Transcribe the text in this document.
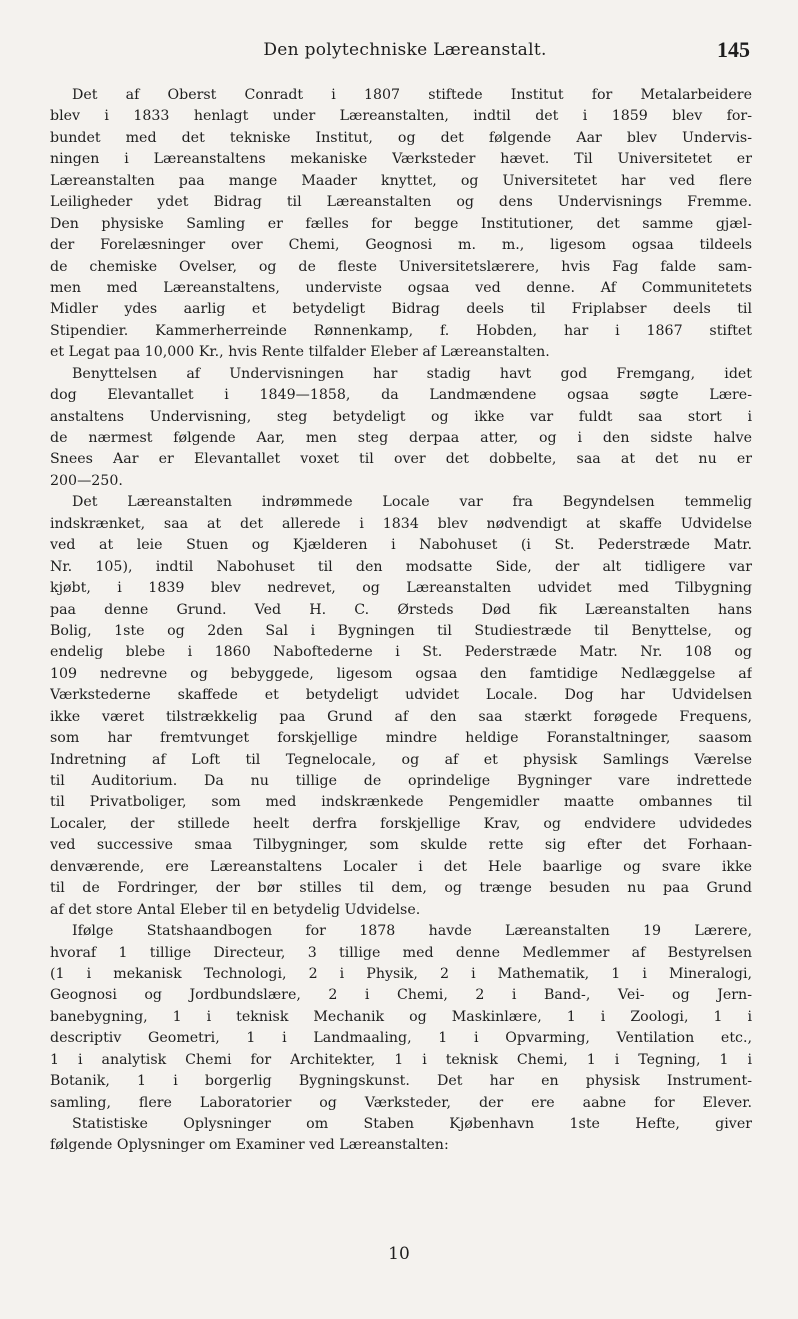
Den polytechniske Læreanstalt.	145
Det af Oberst Conradt i 1807 stiftede Institut for Metalarbeidere
blev i 1833 henlagt under Læreanstalten, indtil det i 1859 blev for-
bundet med det tekniske Institut, og det følgende Aar blev Undervis-
ningen i Læreanstaltens mekaniske Værksteder hævet. Til Universitetet er
Læreanstalten paa mange Maader knyttet, og Universitetet har ved flere
Leiligheder ydet Bidrag til Læreanstalten og dens Undervisnings Fremme.
Den physiske Samling er fælles for begge Institutioner, det samme gjæl-
der Forelæsninger over Chemi, Geognosi m. m., ligesom ogsaa tildeels
de chemiske Ovelser, og de fleste Universitetslærere, hvis Fag falde sam-
men med Læreanstaltens, underviste ogsaa ved denne. Af Communitetets
Midler ydes aarlig et betydeligt Bidrag deels til Friplabser deels til
Stipendier. Kammerherreinde Rønnenkamp, f. Hobden, har i 1867 stiftet
et Legat paa 10,000 Kr., hvis Rente tilfalder Eleber af Læreanstalten.
Benyttelsen af Undervisningen har stadig havt god Fremgang, idet
dog Elevantallet i 1849—1858, da Landmændene ogsaa søgte Lære-
anstaltens Undervisning, steg betydeligt og ikke var fuldt saa stort i
de nærmest følgende Aar, men steg derpaa atter, og i den sidste halve
Snees Aar er Elevantallet voxet til over det dobbelte, saa at det nu er
200—250.
Det Læreanstalten indrømmede Locale var fra Begyndelsen temmelig
indskrænket, saa at det allerede i 1834 blev nødvendigt at skaffe Udvidelse
ved at leie Stuen og Kjælderen i Nabohuset (i St. Pederstræde Matr.
Nr. 105), indtil Nabohuset til den modsatte Side, der alt tidligere var
kjøbt, i 1839 blev nedrevet, og Læreanstalten udvidet med Tilbygning
paa denne Grund. Ved H. C. Ørsteds Død fik Læreanstalten hans
Bolig, 1ste og 2den Sal i Bygningen til Studiestræde til Benyttelse, og
endelig blebe i 1860 Naboftederne i St. Pederstræde Matr. Nr. 108 og
109 nedrevne og bebyggede, ligesom ogsaa den famtidige Nedlæggelse af
Værkstederne skaffede et betydeligt udvidet Locale. Dog har Udvidelsen
ikke været tilstrækkelig paa Grund af den saa stærkt forøgede Frequens,
som har fremtvunget forskjellige mindre heldige Foranstaltninger, saasom
Indretning af Loft til Tegnelocale, og af et physisk Samlings Værelse
til Auditorium. Da nu tillige de oprindelige Bygninger vare indrettede
til Privatboliger, som med indskrænkede Pengemidler maatte ombannes til
Localer, der stillede heelt derfra forskjellige Krav, og endvidere udvidedes
ved successive smaa Tilbygninger, som skulde rette sig efter det Forhaan-
denværende, ere Læreanstaltens Localer i det Hele baarlige og svare ikke
til de Fordringer, der bør stilles til dem, og trænge besuden nu paa Grund
af det store Antal Eleber til en betydelig Udvidelse.
Ifølge Statshaandbogen for 1878 havde Læreanstalten 19 Lærere,
hvoraf 1 tillige Directeur, 3 tillige med denne Medlemmer af Bestyrelsen
(1 i mekanisk Technologi, 2 i Physik, 2 i Mathematik, 1 i Mineralogi,
Geognosi og Jordbundslære, 2 i Chemi, 2 i Band-, Vei- og Jern-
banebygning, 1 i teknisk Mechanik og Maskinlære, 1 i Zoologi, 1 i
descriptiv Geometri, 1 i Landmaaling, 1 i Opvarming, Ventilation etc.,
1 i analytisk Chemi for Architekter, 1 i teknisk Chemi, 1 i Tegning, 1 i
Botanik, 1 i borgerlig Bygningskunst. Det har en physisk Instrument-
samling, flere Laboratorier og Værksteder, der ere aabne for Elever.
Statistiske Oplysninger om Staben Kjøbenhavn 1ste Hefte, giver
følgende Oplysninger om Examiner ved Læreanstalten:
10
